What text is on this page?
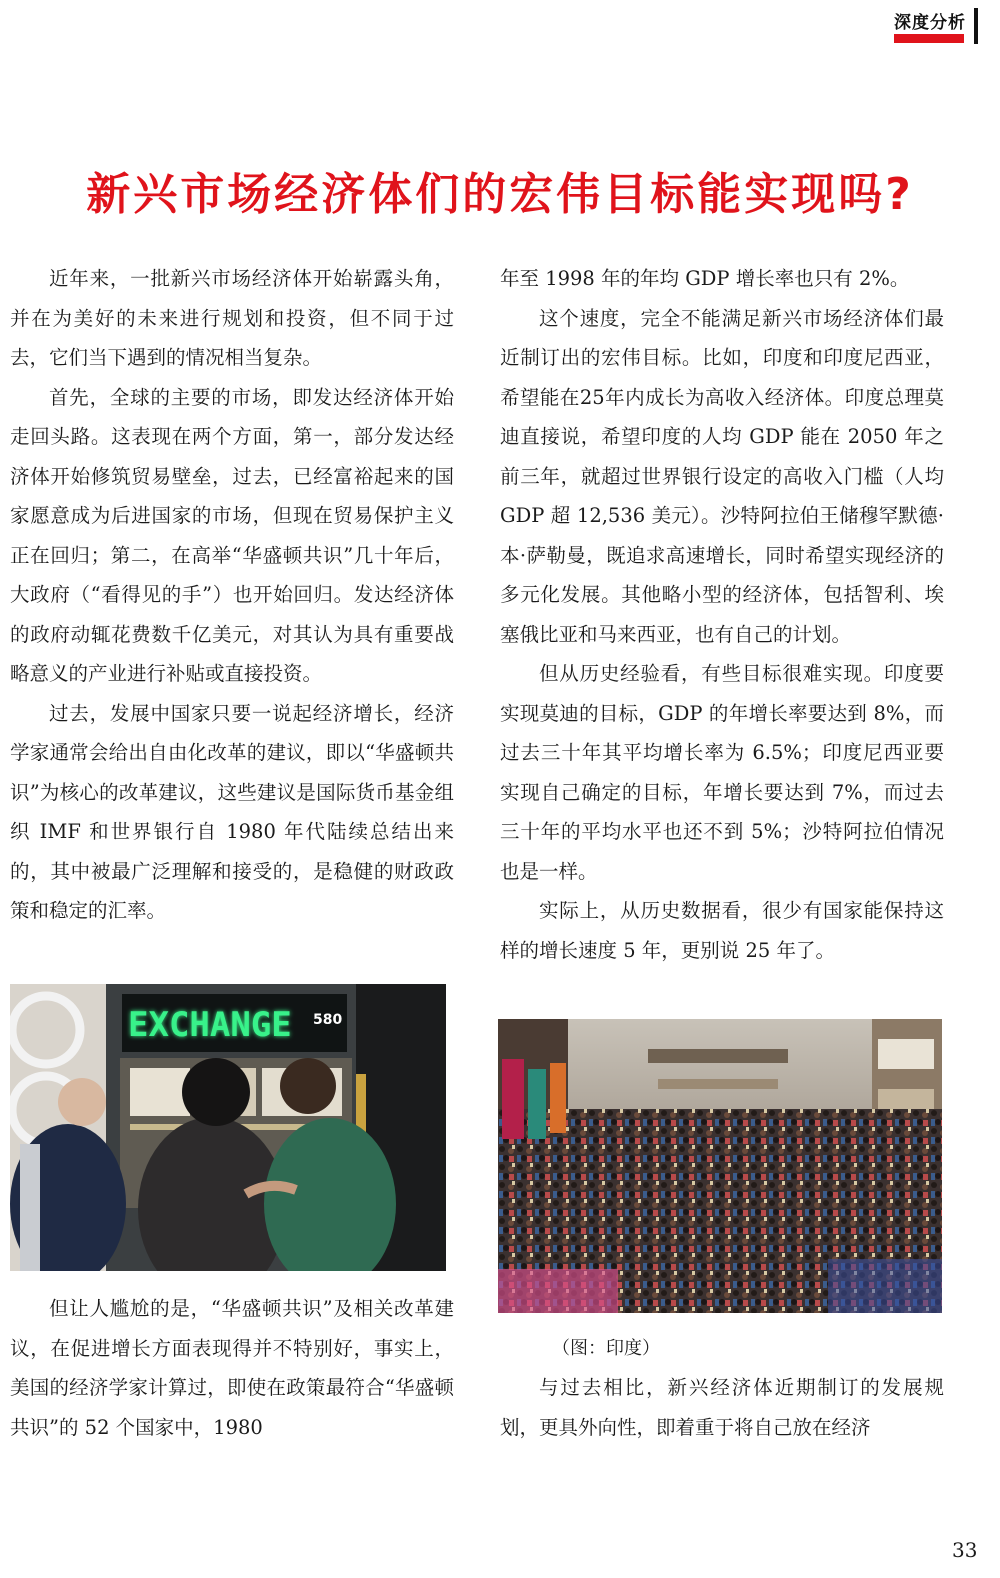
深度分析
新兴市场经济体们的宏伟目标能实现吗?

近年来，一批新兴市场经济体开始崭露头角，并在为美好的未来进行规划和投资，但不同于过去，它们当下遇到的情况相当复杂。

首先，全球的主要的市场，即发达经济体开始走回头路。这表现在两个方面，第一，部分发达经济体开始修筑贸易壁垒，过去，已经富裕起来的国家愿意成为后进国家的市场，但现在贸易保护主义正在回归；第二，在高举“华盛顿共识”几十年后，大政府（“看得见的手”）也开始回归。发达经济体的政府动辄花费数千亿美元，对其认为具有重要战略意义的产业进行补贴或直接投资。

过去，发展中国家只要一说起经济增长，经济学家通常会给出自由化改革的建议，即以“华盛顿共识”为核心的改革建议，这些建议是国际货币基金组织 IMF 和世界银行自 1980 年代陆续总结出来的，其中被最广泛理解和接受的，是稳健的财政政策和稳定的汇率。

EXCHANGE 580

但让人尴尬的是，“华盛顿共识”及相关改革建议，在促进增长方面表现得并不特别好，事实上，美国的经济学家计算过，即使在政策最符合“华盛顿共识”的 52 个国家中，1980

年至 1998 年的年均 GDP 增长率也只有 2%。

这个速度，完全不能满足新兴市场经济体们最近制订出的宏伟目标。比如，印度和印度尼西亚，希望能在25年内成长为高收入经济体。印度总理莫迪直接说，希望印度的人均 GDP 能在 2050 年之前三年，就超过世界银行设定的高收入门槛（人均 GDP 超 12,536 美元）。沙特阿拉伯王储穆罕默德·本·萨勒曼，既追求高速增长，同时希望实现经济的多元化发展。其他略小型的经济体，包括智利、埃塞俄比亚和马来西亚，也有自己的计划。

但从历史经验看，有些目标很难实现。印度要实现莫迪的目标，GDP 的年增长率要达到 8%，而过去三十年其平均增长率为 6.5%；印度尼西亚要实现自己确定的目标，年增长要达到 7%，而过去三十年的平均水平也还不到 5%；沙特阿拉伯情况也是一样。

实际上，从历史数据看，很少有国家能保持这样的增长速度 5 年，更别说 25 年了。

（图：印度）

与过去相比，新兴经济体近期制订的发展规划，更具外向性，即着重于将自己放在经济

33
